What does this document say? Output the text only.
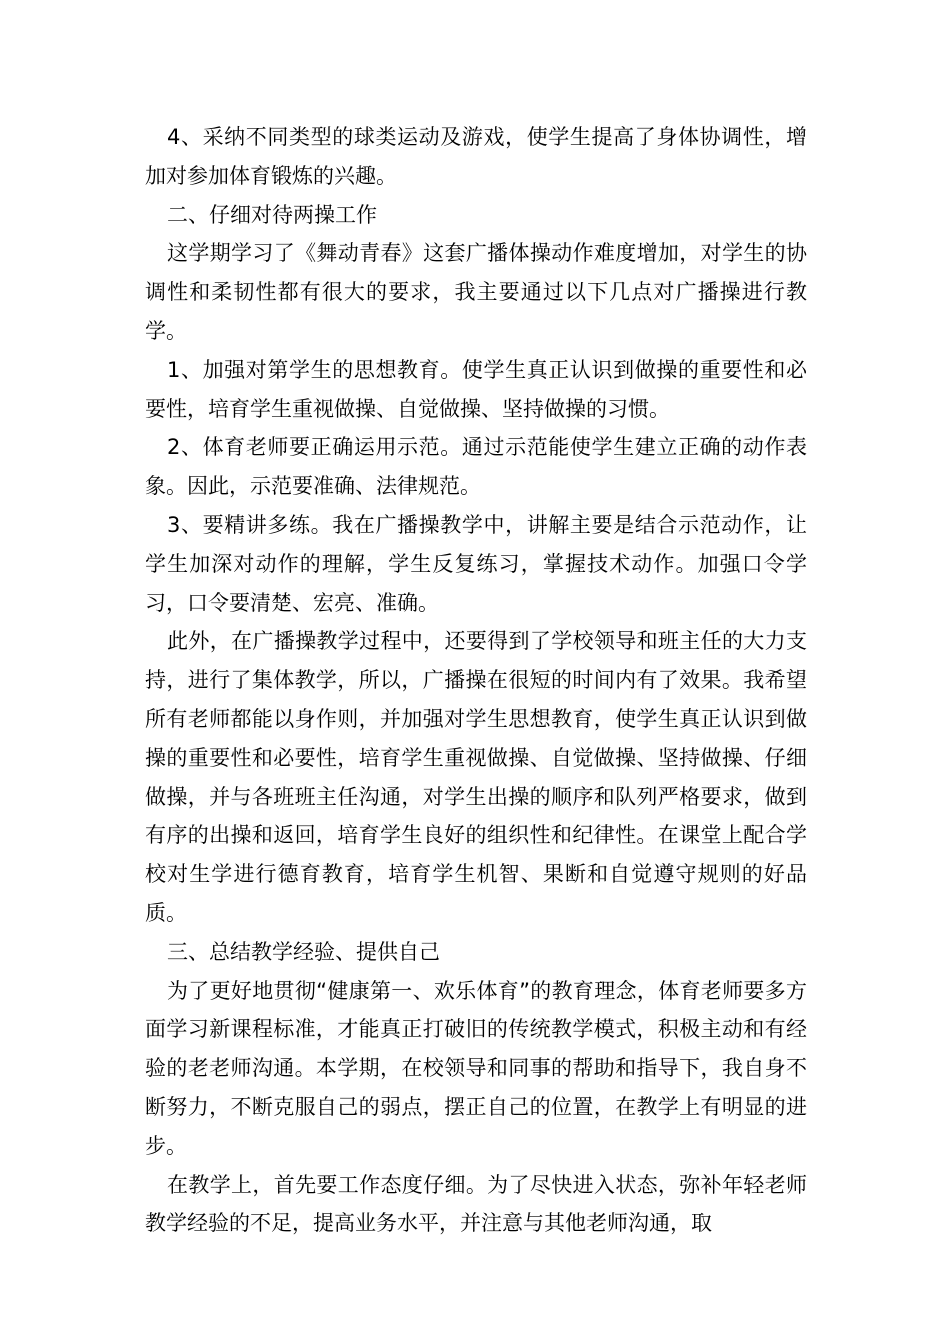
4、采纳不同类型的球类运动及游戏，使学生提高了身体协调性，增加对参加体育锻炼的兴趣。

二、仔细对待两操工作

这学期学习了《舞动青春》这套广播体操动作难度增加，对学生的协调性和柔韧性都有很大的要求，我主要通过以下几点对广播操进行教学。

1、加强对第学生的思想教育。使学生真正认识到做操的重要性和必要性，培育学生重视做操、自觉做操、坚持做操的习惯。

2、体育老师要正确运用示范。通过示范能使学生建立正确的动作表象。因此，示范要准确、法律规范。

3、要精讲多练。我在广播操教学中，讲解主要是结合示范动作，让学生加深对动作的理解，学生反复练习，掌握技术动作。加强口令学习，口令要清楚、宏亮、准确。

此外，在广播操教学过程中，还要得到了学校领导和班主任的大力支持，进行了集体教学，所以，广播操在很短的时间内有了效果。我希望所有老师都能以身作则，并加强对学生思想教育，使学生真正认识到做操的重要性和必要性，培育学生重视做操、自觉做操、坚持做操、仔细做操，并与各班班主任沟通，对学生出操的顺序和队列严格要求，做到有序的出操和返回，培育学生良好的组织性和纪律性。在课堂上配合学校对生学进行德育教育，培育学生机智、果断和自觉遵守规则的好品质。

三、总结教学经验、提供自己

为了更好地贯彻“健康第一、欢乐体育”的教育理念，体育老师要多方面学习新课程标准，才能真正打破旧的传统教学模式，积极主动和有经验的老老师沟通。本学期，在校领导和同事的帮助和指导下，我自身不断努力，不断克服自己的弱点，摆正自己的位置，在教学上有明显的进步。

在教学上，首先要工作态度仔细。为了尽快进入状态，弥补年轻老师教学经验的不足，提高业务水平，并注意与其他老师沟通，取
